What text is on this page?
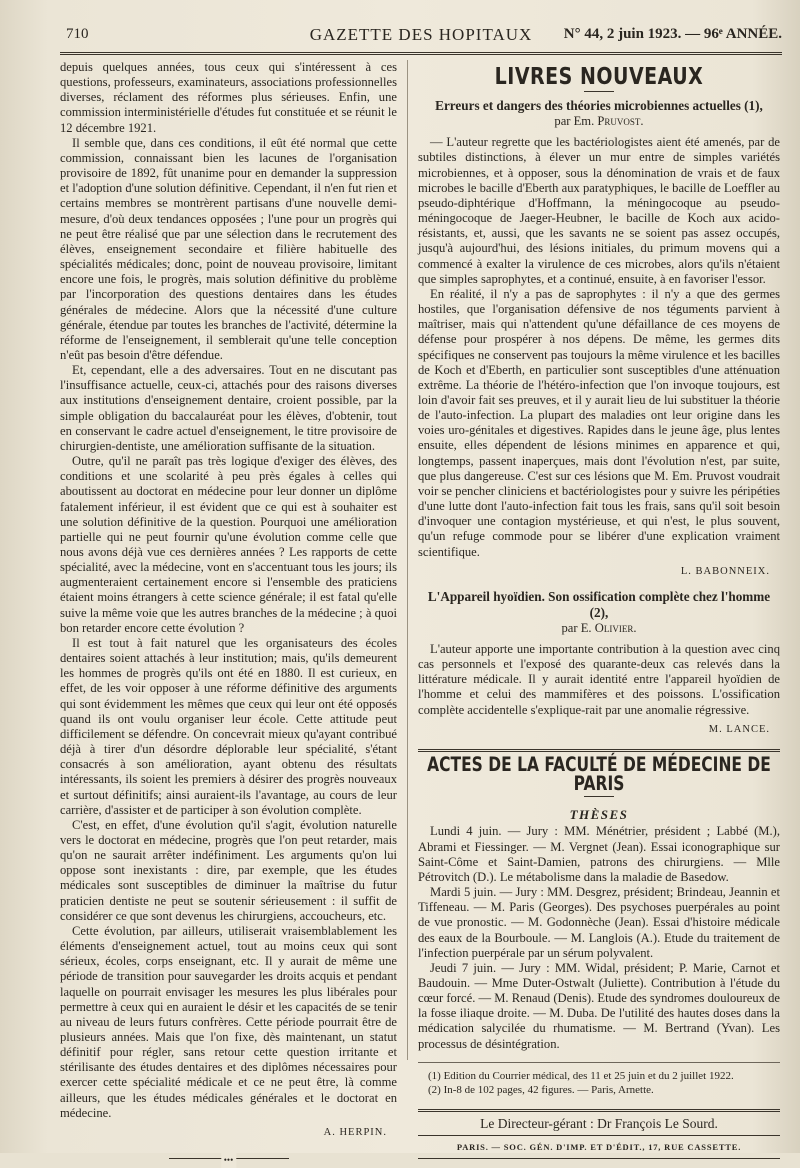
710	GAZETTE DES HOPITAUX	N° 44, 2 juin 1923. — 96ᵉ ANNÉE.

depuis quelques années, tous ceux qui s'intéressent à ces questions, professeurs, examinateurs, associations professionnelles diverses, réclament des réformes plus sérieuses. Enfin, une commission interministérielle d'études fut constituée et se réunit le 12 décembre 1921.

Il semble que, dans ces conditions, il eût été normal que cette commission, connaissant bien les lacunes de l'organisation provisoire de 1892, fût unanime pour en demander la suppression et l'adoption d'une solution définitive. Cependant, il n'en fut rien et certains membres se montrèrent partisans d'une nouvelle demi-mesure, d'où deux tendances opposées ; l'une pour un progrès qui ne peut être réalisé que par une sélection dans le recrutement des élèves, enseignement secondaire et filière habituelle des spécialités médicales; donc, point de nouveau provisoire, limitant encore une fois, le progrès, mais solution définitive du problème par l'incorporation des questions dentaires dans les études générales de médecine. Alors que la nécessité d'une culture générale, étendue par toutes les branches de l'activité, détermine la réforme de l'enseignement, il semblerait qu'une telle conception n'eût pas besoin d'être défendue.

Et, cependant, elle a des adversaires. Tout en ne discutant pas l'insuffisance actuelle, ceux-ci, attachés pour des raisons diverses aux institutions d'enseignement dentaire, croient possible, par la simple obligation du baccalauréat pour les élèves, d'obtenir, tout en conservant le cadre actuel d'enseignement, le titre provisoire de chirurgien-dentiste, une amélioration suffisante de la situation.

Outre, qu'il ne paraît pas très logique d'exiger des élèves, des conditions et une scolarité à peu près égales à celles qui aboutissent au doctorat en médecine pour leur donner un diplôme fatalement inférieur, il est évident que ce qui est à souhaiter est une solution définitive de la question. Pourquoi une amélioration partielle qui ne peut fournir qu'une évolution comme celle que nous avons déjà vue ces dernières années ? Les rapports de cette spécialité, avec la médecine, vont en s'accentuant tous les jours; ils augmenteraient certainement encore si l'ensemble des praticiens étaient moins étrangers à cette science générale; il est fatal qu'elle suive la même voie que les autres branches de la médecine ; à quoi bon retarder encore cette évolution ?

Il est tout à fait naturel que les organisateurs des écoles dentaires soient attachés à leur institution; mais, qu'ils demeurent les hommes de progrès qu'ils ont été en 1880. Il est curieux, en effet, de les voir opposer à une réforme définitive des arguments qui sont évidemment les mêmes que ceux qui leur ont été opposés quand ils ont voulu organiser leur école. Cette attitude peut difficilement se défendre. On concevrait mieux qu'ayant contribué déjà à tirer d'un désordre déplorable leur spécialité, s'étant consacrés à son amélioration, ayant obtenu des résultats intéressants, ils soient les premiers à désirer des progrès nouveaux et surtout définitifs; ainsi auraient-ils l'avantage, au cours de leur carrière, d'assister et de participer à son évolution complète.

C'est, en effet, d'une évolution qu'il s'agit, évolution naturelle vers le doctorat en médecine, progrès que l'on peut retarder, mais qu'on ne saurait arrêter indéfiniment. Les arguments qu'on lui oppose sont inexistants : dire, par exemple, que les études médicales sont susceptibles de diminuer la maîtrise du futur praticien dentiste ne peut se soutenir sérieusement : il suffit de considérer ce que sont devenus les chirurgiens, accoucheurs, etc.

Cette évolution, par ailleurs, utiliserait vraisemblablement les éléments d'enseignement actuel, tout au moins ceux qui sont sérieux, écoles, corps enseignant, etc. Il y aurait de même une période de transition pour sauvegarder les droits acquis et pendant laquelle on pourrait envisager les mesures les plus libérales pour permettre à ceux qui en auraient le désir et les capacités de se tenir au niveau de leurs futurs confrères. Cette période pourrait être de plusieurs années. Mais que l'on fixe, dès maintenant, un statut définitif pour régler, sans retour cette question irritante et stérilisante des études dentaires et des diplômes nécessaires pour exercer cette spécialité médicale et ce ne peut être, là comme ailleurs, que les études médicales générales et le doctorat en médecine.

A. HERPIN.
•••
LIVRES NOUVEAUX
Erreurs et dangers des théories microbiennes actuelles (1),
par Em. Pruvost.

— L'auteur regrette que les bactériologistes aient été amenés, par de subtiles distinctions, à élever un mur entre de simples variétés microbiennes, et à opposer, sous la dénomination de vrais et de faux microbes le bacille d'Eberth aux paratyphiques, le bacille de Loeffler au pseudo-diphtérique d'Hoffmann, la méningocoque au pseudo-méningocoque de Jaeger-Heubner, le bacille de Koch aux acido-résistants, et, aussi, que les savants ne se soient pas assez occupés, jusqu'à aujourd'hui, des lésions initiales, du primum movens qui a commencé à exalter la virulence de ces microbes, alors qu'ils n'étaient que simples saprophytes, et a continué, ensuite, à en favoriser l'essor.

En réalité, il n'y a pas de saprophytes : il n'y a que des germes hostiles, que l'organisation défensive de nos téguments parvient à maîtriser, mais qui n'attendent qu'une défaillance de ces moyens de défense pour prospérer à nos dépens. De même, les germes dits spécifiques ne conservent pas toujours la même virulence et les bacilles de Koch et d'Eberth, en particulier sont susceptibles d'une atténuation extrême. La théorie de l'hétéro-infection que l'on invoque toujours, est loin d'avoir fait ses preuves, et il y aurait lieu de lui substituer la théorie de l'auto-infection. La plupart des maladies ont leur origine dans les voies uro-génitales et digestives. Rapides dans le jeune âge, plus lentes ensuite, elles dépendent de lésions minimes en apparence et qui, longtemps, passent inaperçues, mais dont l'évolution n'est, par suite, que plus dangereuse. C'est sur ces lésions que M. Em. Pruvost voudrait voir se pencher cliniciens et bactériologistes pour y suivre les péripéties d'une lutte dont l'auto-infection fait tous les frais, sans qu'il soit besoin d'invoquer une contagion mystérieuse, et qui n'est, le plus souvent, qu'un refuge commode pour se libérer d'une explication vraiment scientifique.

L. BABONNEIX.
L'Appareil hyoïdien. Son ossification complète chez l'homme (2),
par E. Olivier.

L'auteur apporte une importante contribution à la question avec cinq cas personnels et l'exposé des quarante-deux cas relevés dans la littérature médicale. Il y aurait identité entre l'appareil hyoïdien de l'homme et celui des mammifères et des poissons. L'ossification complète accidentelle s'explique-rait par une anomalie régressive.

M. LANCE.
ACTES DE LA FACULTÉ DE MÉDECINE DE PARIS
THÈSES

Lundi 4 juin. — Jury : MM. Ménétrier, président ; Labbé (M.), Abrami et Fiessinger. — M. Vergnet (Jean). Essai iconographique sur Saint-Côme et Saint-Damien, patrons des chirurgiens. — Mlle Pétrovitch (D.). Le métabolisme dans la maladie de Basedow.

Mardi 5 juin. — Jury : MM. Desgrez, président; Brindeau, Jeannin et Tiffeneau. — M. Paris (Georges). Des psychoses puerpérales au point de vue pronostic. — M. Godonnèche (Jean). Essai d'histoire médicale des eaux de la Bourboule. — M. Langlois (A.). Etude du traitement de l'infection puerpérale par un sérum polyvalent.

Jeudi 7 juin. — Jury : MM. Widal, président; P. Marie, Carnot et Baudouin. — Mme Duter-Ostwalt (Juliette). Contribution à l'étude du cœur forcé. — M. Renaud (Denis). Etude des syndromes douloureux de la fosse iliaque droite. — M. Duba. De l'utilité des hautes doses dans la médication salycilée du rhumatisme. — M. Bertrand (Yvan). Les processus de désintégration.

(1) Edition du Courrier médical, des 11 et 25 juin et du 2 juillet 1922.

(2) In-8 de 102 pages, 42 figures. — Paris, Arnette.

Le Directeur-gérant : Dr François Le Sourd.
PARIS. — SOC. GÉN. D'IMP. ET D'ÉDIT., 17, RUE CASSETTE.
